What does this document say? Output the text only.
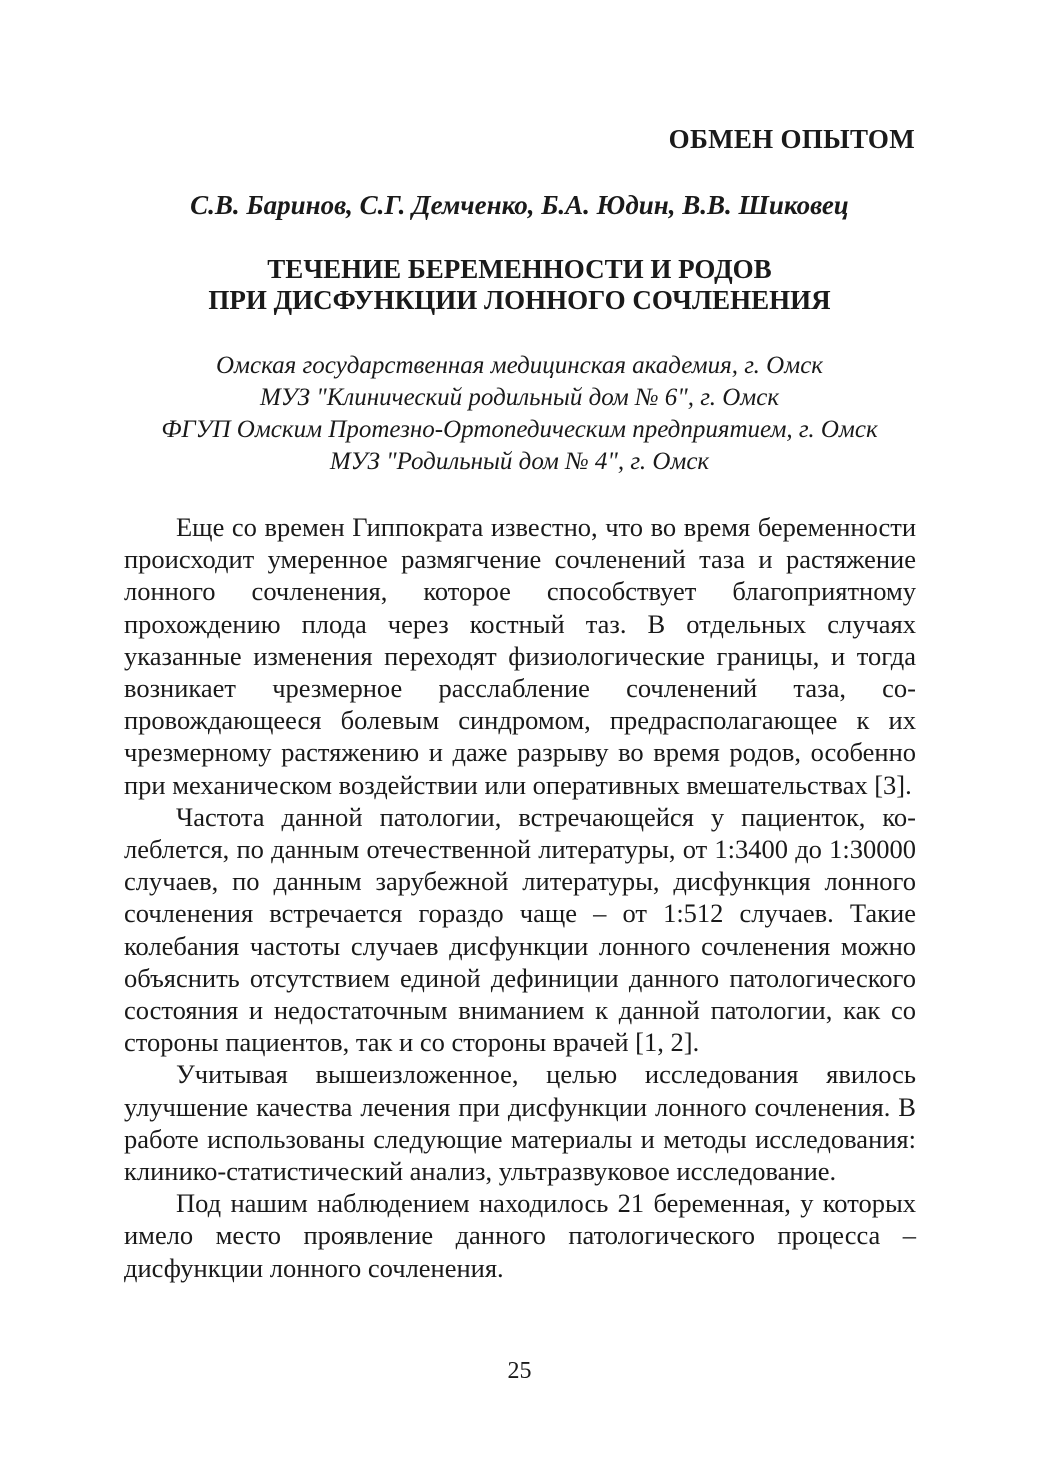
ОБМЕН ОПЫТОМ

С.В. Баринов, С.Г. Демченко, Б.А. Юдин, В.В. Шиковец

ТЕЧЕНИЕ БЕРЕМЕННОСТИ И РОДОВ
ПРИ ДИСФУНКЦИИ ЛОННОГО СОЧЛЕНЕНИЯ
Омская государственная медицинская академия, г. Омск
МУЗ "Клинический родильный дом № 6", г. Омск
ФГУП Омским Протезно-Ортопедическим предприятием, г. Омск
МУЗ "Родильный дом № 4", г. Омск

Еще со времен Гиппократа известно, что во время беременности происходит умеренное размягчение сочленений таза и растяжение лонного сочленения, которое способствует благоприятному прохождению плода через костный таз. В отдельных случаях указанные изменения переходят физиологические границы, и тогда возникает чрезмерное расслабление сочленений таза, сопровождающееся болевым синдромом, предрасполагающее к их чрезмерному растяжению и даже разрыву во время родов, особенно при механическом воздействии или оперативных вмешательствах [3].

Частота данной патологии, встречающейся у пациенток, колеблется, по данным отечественной литературы, от 1:3400 до 1:30000 случаев, по данным зарубежной литературы, дисфункция лонного сочленения встречается гораздо чаще – от 1:512 случаев. Такие колебания частоты случаев дисфункции лонного сочленения можно объяснить отсутствием единой дефиниции данного патологического состояния и недостаточным вниманием к данной патологии, как со стороны пациентов, так и со стороны врачей [1, 2].

Учитывая вышеизложенное, целью исследования явилось улучшение качества лечения при дисфункции лонного сочленения. В работе использованы следующие материалы и методы исследования: клинико-статистический анализ, ультразвуковое исследование.

Под нашим наблюдением находилось 21 беременная, у которых имело место проявление данного патологического процесса – дисфункции лонного сочленения.

25
